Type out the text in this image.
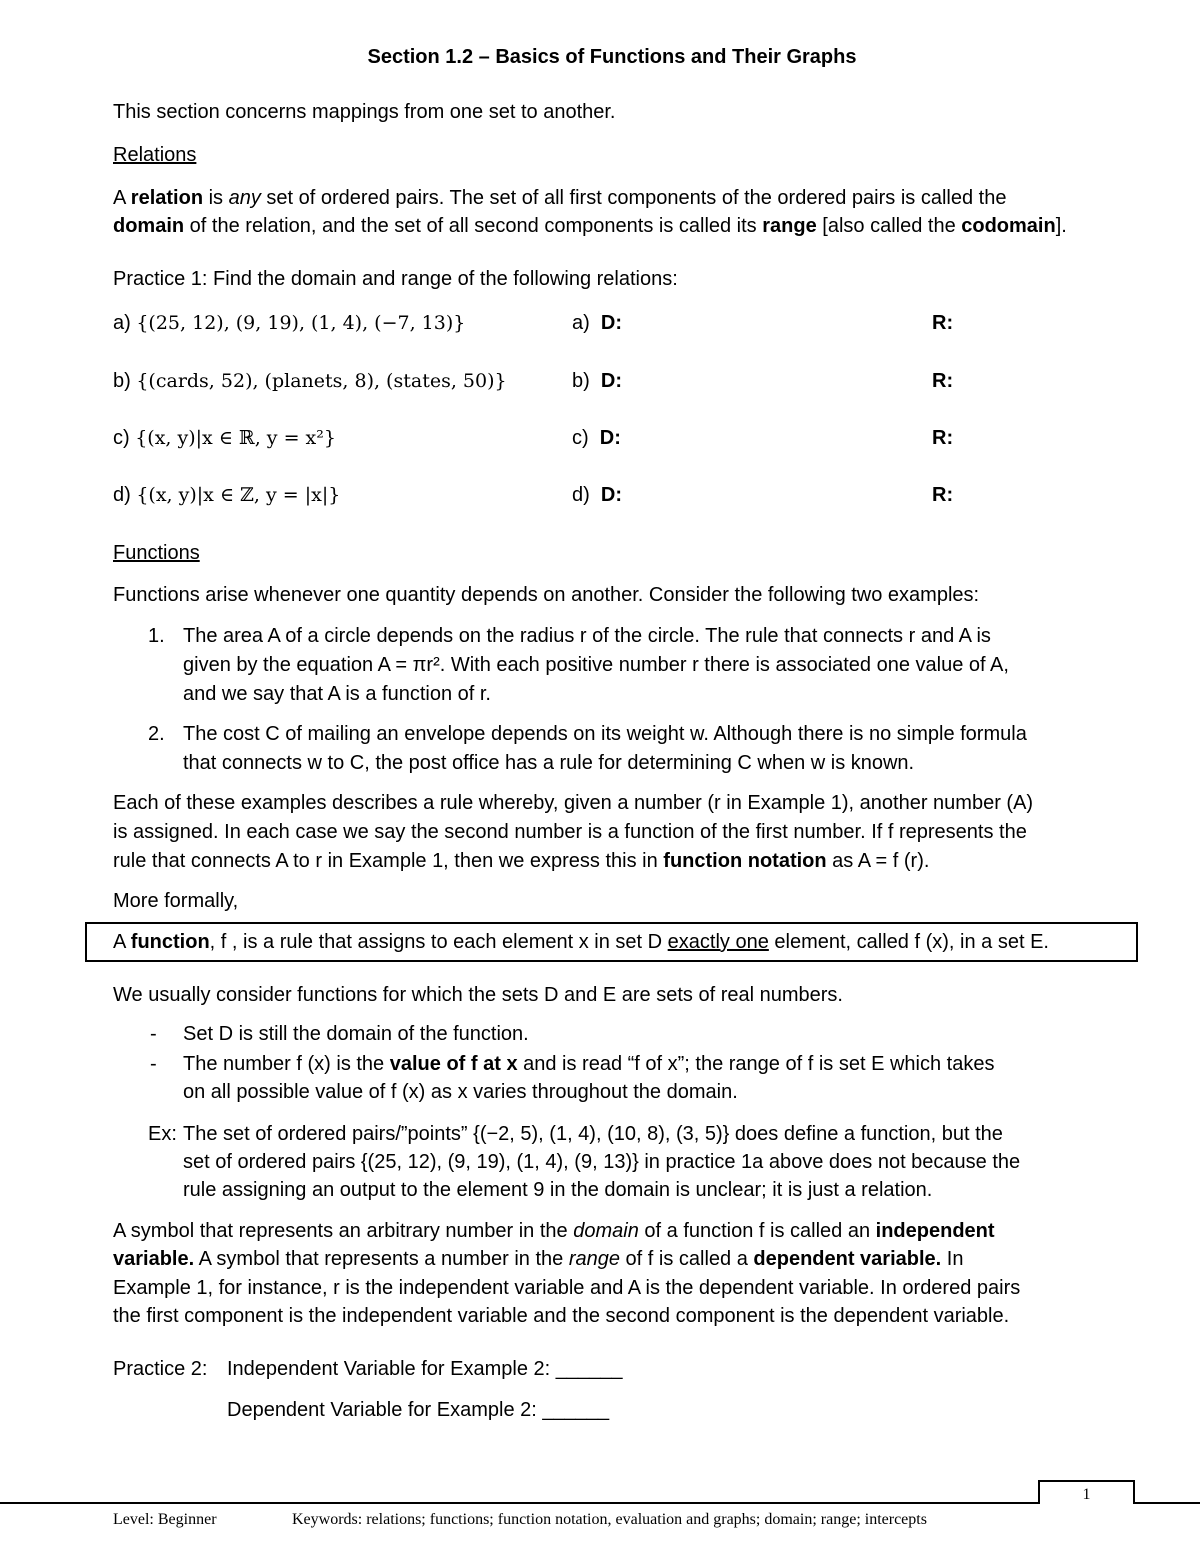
Section 1.2 – Basics of Functions and Their Graphs
This section concerns mappings from one set to another.
Relations
A relation is any set of ordered pairs. The set of all first components of the ordered pairs is called the
domain of the relation, and the set of all second components is called its range [also called the codomain].
Practice 1: Find the domain and range of the following relations:
a) {(25, 12), (9, 19), (1, 4), (−7, 13)}	a) D:	R:
b) {(cards, 52), (planets, 8), (states, 50)}	b) D:	R:
c) {(x, y)|x ∈ ℝ, y = x²}	c) D:	R:
d) {(x, y)|x ∈ ℤ, y = |x|}	d) D:	R:
Functions
Functions arise whenever one quantity depends on another. Consider the following two examples:
1. The area A of a circle depends on the radius r of the circle. The rule that connects r and A is
given by the equation A = πr². With each positive number r there is associated one value of A,
and we say that A is a function of r.
2. The cost C of mailing an envelope depends on its weight w. Although there is no simple formula
that connects w to C, the post office has a rule for determining C when w is known.
Each of these examples describes a rule whereby, given a number (r in Example 1), another number (A)
is assigned. In each case we say the second number is a function of the first number. If f represents the
rule that connects A to r in Example 1, then we express this in function notation as A = f (r).
More formally,
A function, f , is a rule that assigns to each element x in set D exactly one element, called f (x), in a set E.
We usually consider functions for which the sets D and E are sets of real numbers.
- Set D is still the domain of the function.
- The number f (x) is the value of f at x and is read “f of x”; the range of f is set E which takes
on all possible value of f (x) as x varies throughout the domain.
Ex: The set of ordered pairs/”points” {(−2, 5), (1, 4), (10, 8), (3, 5)} does define a function, but the
set of ordered pairs {(25, 12), (9, 19), (1, 4), (9, 13)} in practice 1a above does not because the
rule assigning an output to the element 9 in the domain is unclear; it is just a relation.
A symbol that represents an arbitrary number in the domain of a function f is called an independent
variable. A symbol that represents a number in the range of f is called a dependent variable. In
Example 1, for instance, r is the independent variable and A is the dependent variable. In ordered pairs
the first component is the independent variable and the second component is the dependent variable.
Practice 2: Independent Variable for Example 2: ______
Dependent Variable for Example 2: ______
1
Level: Beginner	Keywords: relations; functions; function notation, evaluation and graphs; domain; range; intercepts
